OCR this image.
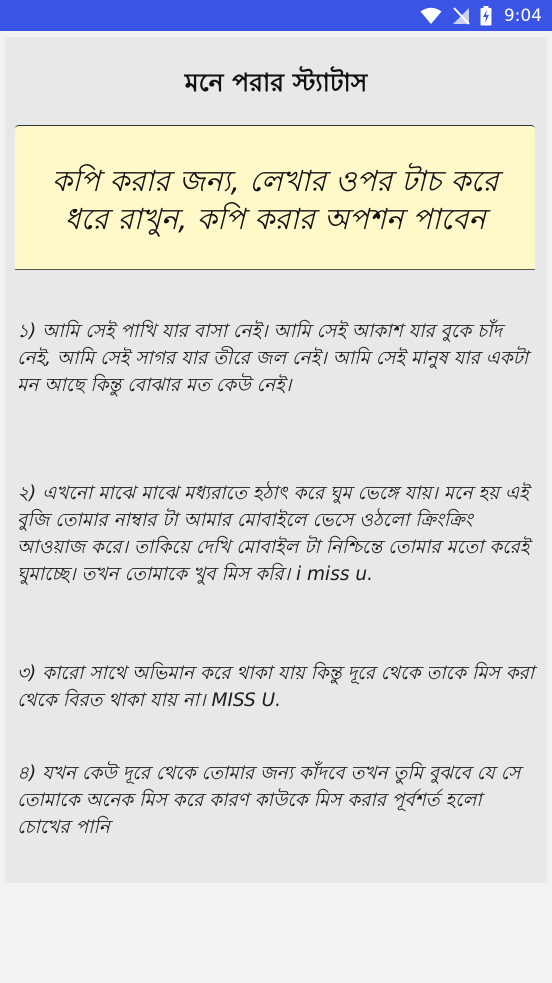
9:04
মনে পরার স্ট্যাটাস
কপি করার জন্য, লেখার ওপর টাচ করে ধরে রাখুন, কপি করার অপশন পাবেন

১) আমি সেই পাখি যার বাসা নেই। আমি সেই আকাশ যার বুকে চাঁদ নেই, আমি সেই সাগর যার তীরে জল নেই। আমি সেই মানুষ যার একটা মন আছে কিন্তু বোঝার মত কেউ নেই।

২) এখনো মাঝে মাঝে মধ্যরাতে হঠাৎ করে ঘুম ভেঙ্গে যায়। মনে হয় এই বুজি তোমার নাম্বার টা আমার মোবাইলে ভেসে ওঠলো ক্রিংক্রিং আওয়াজ করে। তাকিয়ে দেখি মোবাইল টা নিশ্চিন্তে তোমার মতো করেই ঘুমাচ্ছে। তখন তোমাকে খুব মিস করি। i miss u.

৩) কারো সাথে অভিমান করে থাকা যায় কিন্তু দূরে থেকে তাকে মিস করা থেকে বিরত থাকা যায় না। MISS U.

৪) যখন কেউ দূরে থেকে তোমার জন্য কাঁদবে তখন তুমি বুঝবে যে সে তোমাকে অনেক মিস করে কারণ কাউকে মিস করার পূর্বশর্ত হলো চোখের পানি
